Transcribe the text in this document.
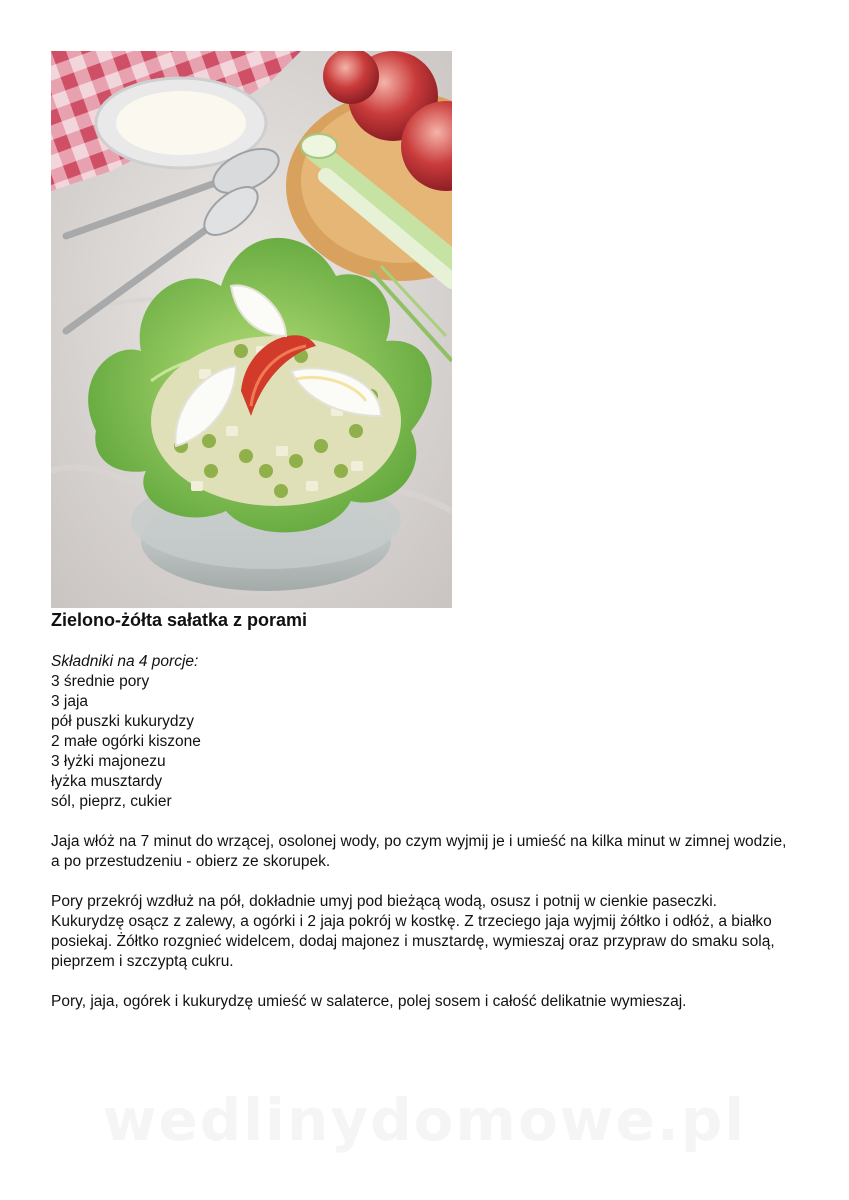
Zielono-żółta sałatka z porami

Składniki na 4 porcje:

3 średnie pory
3 jaja
pół puszki kukurydzy
2 małe ogórki kiszone
3 łyżki majonezu
łyżka musztardy
sól, pieprz, cukier

Jaja włóż na 7 minut do wrzącej, osolonej wody, po czym wyjmij je i umieść na kilka minut w zimnej wodzie, a po przestudzeniu - obierz ze skorupek.

Pory przekrój wzdłuż na pół, dokładnie umyj pod bieżącą wodą, osusz i potnij w cienkie paseczki. Kukurydzę osącz z zalewy, a ogórki i 2 jaja pokrój w kostkę. Z trzeciego jaja wyjmij żółtko i odłóż, a białko posiekaj. Żółtko rozgnieć widelcem, dodaj majonez i musztardę, wymieszaj oraz przypraw do smaku solą, pieprzem i szczyptą cukru.

Pory, jaja, ogórek i kukurydzę umieść w salaterce, polej sosem i całość delikatnie wymieszaj.

wedlinydomowe.pl
